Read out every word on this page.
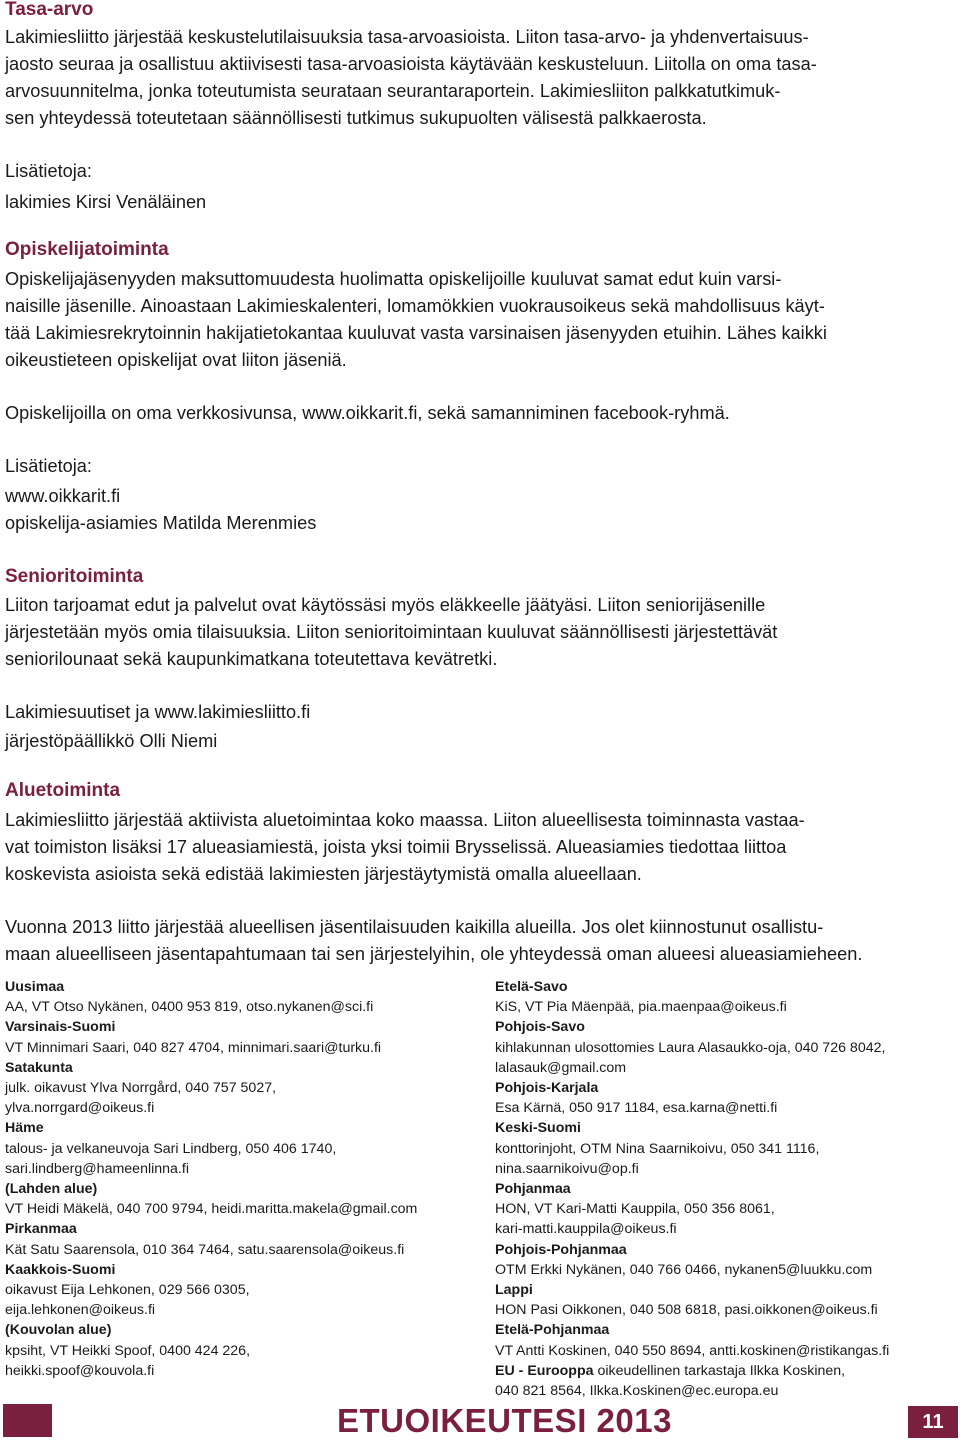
Tasa-arvo

Lakimiesliitto järjestää keskustelutilaisuuksia tasa-arvoasioista. Liiton tasa-arvo- ja yhdenvertaisuus-

jaosto seuraa ja osallistuu aktiivisesti tasa-arvoasioista käytävään keskusteluun. Liitolla on oma tasa-

arvosuunnitelma, jonka toteutumista seurataan seurantaraportein. Lakimiesliiton palkkatutkimuk-

sen yhteydessä toteutetaan säännöllisesti tutkimus sukupuolten välisestä palkkaerosta.

Lisätietoja:

lakimies Kirsi Venäläinen

Opiskelijatoiminta

Opiskelijajäsenyyden maksuttomuudesta huolimatta opiskelijoille kuuluvat samat edut kuin varsi-

naisille jäsenille. Ainoastaan Lakimieskalenteri, lomamökkien vuokrausoikeus sekä mahdollisuus käyt-

tää Lakimiesrekrytoinnin hakijatietokantaa kuuluvat vasta varsinaisen jäsenyyden etuihin. Lähes kaikki

oikeustieteen opiskelijat ovat liiton jäseniä.

Opiskelijoilla on oma verkkosivunsa, www.oikkarit.fi, sekä samanniminen facebook-ryhmä.

Lisätietoja:

www.oikkarit.fi

opiskelija-asiamies Matilda Merenmies

Senioritoiminta

Liiton tarjoamat edut ja palvelut ovat käytössäsi myös eläkkeelle jäätyäsi. Liiton seniorijäsenille

järjestetään myös omia tilaisuuksia. Liiton senioritoimintaan kuuluvat säännöllisesti järjestettävät

seniorilounaat sekä kaupunkimatkana toteutettava kevätretki.

Lakimiesuutiset ja www.lakimiesliitto.fi

järjestöpäällikkö Olli Niemi

Aluetoiminta

Lakimiesliitto järjestää aktiivista aluetoimintaa koko maassa. Liiton alueellisesta toiminnasta vastaa-

vat toimiston lisäksi 17 alueasiamiestä, joista yksi toimii Brysselissä. Alueasiamies tiedottaa liittoa

koskevista asioista sekä edistää lakimiesten järjestäytymistä omalla alueellaan.

Vuonna 2013 liitto järjestää alueellisen jäsentilaisuuden kaikilla alueilla. Jos olet kiinnostunut osallistu-

maan alueelliseen jäsentapahtumaan tai sen järjestelyihin, ole yhteydessä oman alueesi alueasiamieheen.

Uusimaa
AA, VT Otso Nykänen, 0400 953 819, otso.nykanen@sci.fi
Varsinais-Suomi
VT Minnimari Saari, 040 827 4704, minnimari.saari@turku.fi
Satakunta
julk. oikavust Ylva Norrgård, 040 757 5027,
ylva.norrgard@oikeus.fi
Häme
talous- ja velkaneuvoja Sari Lindberg, 050 406 1740,
sari.lindberg@hameenlinna.fi
(Lahden alue)
VT Heidi Mäkelä, 040 700 9794, heidi.maritta.makela@gmail.com
Pirkanmaa
Kät Satu Saarensola, 010 364 7464, satu.saarensola@oikeus.fi
Kaakkois-Suomi
oikavust Eija Lehkonen, 029 566 0305,
eija.lehkonen@oikeus.fi
(Kouvolan alue)
kpsiht, VT Heikki Spoof, 0400 424 226,
heikki.spoof@kouvola.fi
Etelä-Savo
KiS, VT Pia Mäenpää, pia.maenpaa@oikeus.fi
Pohjois-Savo
kihlakunnan ulosottomies Laura Alasaukko-oja, 040 726 8042,
lalasauk@gmail.com
Pohjois-Karjala
Esa Kärnä, 050 917 1184, esa.karna@netti.fi
Keski-Suomi
konttorinjoht, OTM Nina Saarnikoivu, 050 341 1116,
nina.saarnikoivu@op.fi
Pohjanmaa
HON, VT Kari-Matti Kauppila, 050 356 8061,
kari-matti.kauppila@oikeus.fi
Pohjois-Pohjanmaa
OTM Erkki Nykänen, 040 766 0466, nykanen5@luukku.com
Lappi
HON Pasi Oikkonen, 040 508 6818, pasi.oikkonen@oikeus.fi
Etelä-Pohjanmaa
VT Antti Koskinen, 040 550 8694, antti.koskinen@ristikangas.fi
EU - Eurooppa oikeudellinen tarkastaja Ilkka Koskinen,
040 821 8564, Ilkka.Koskinen@ec.europa.eu
ETUOIKEUTESI 2013	11
